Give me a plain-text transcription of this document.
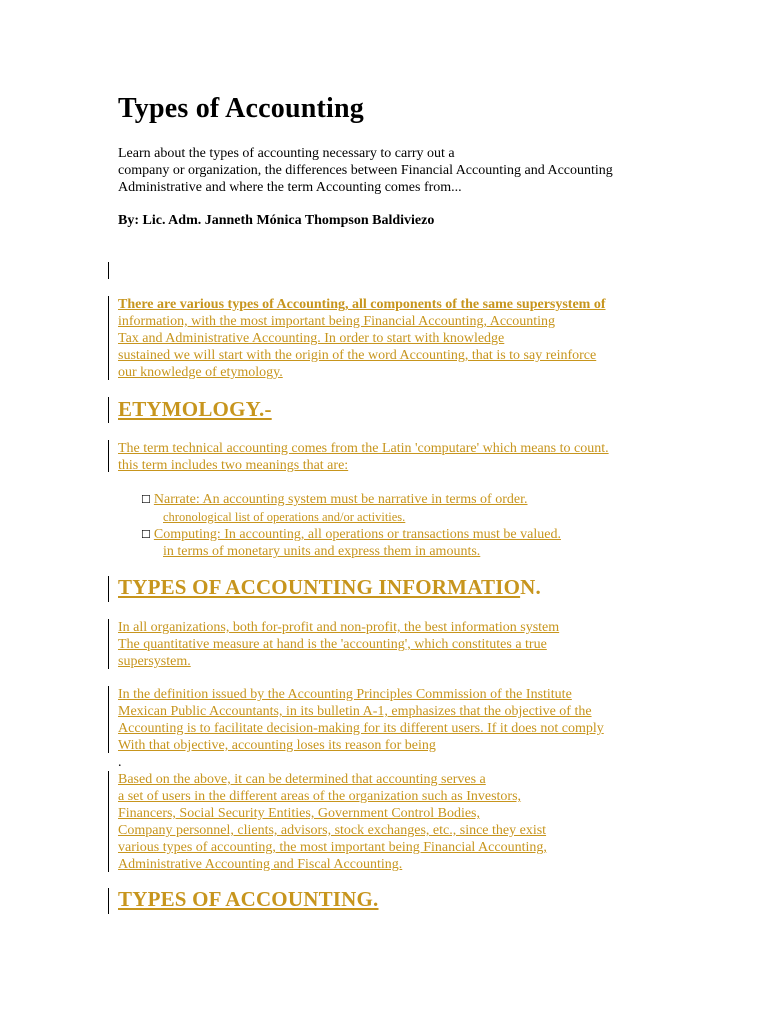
Types of Accounting

Learn about the types of accounting necessary to carry out a
company or organization, the differences between Financial Accounting and Accounting
Administrative and where the term Accounting comes from...

By: Lic. Adm. Janneth Mónica Thompson Baldiviezo

There are various types of Accounting, all components of the same supersystem of
information, with the most important being Financial Accounting, Accounting
Tax and Administrative Accounting. In order to start with knowledge
sustained we will start with the origin of the word Accounting, that is to say reinforce
our knowledge of etymology.

ETYMOLOGY.-

The term technical accounting comes from the Latin 'computare' which means to count.
this term includes two meanings that are:

☐ Narrate: An accounting system must be narrative in terms of order.

chronological list of operations and/or activities.

☐ Computing: In accounting, all operations or transactions must be valued.

in terms of monetary units and express them in amounts.

TYPES OF ACCOUNTING INFORMATION.

In all organizations, both for-profit and non-profit, the best information system
The quantitative measure at hand is the 'accounting', which constitutes a true
supersystem.

In the definition issued by the Accounting Principles Commission of the Institute
Mexican Public Accountants, in its bulletin A-1, emphasizes that the objective of the
Accounting is to facilitate decision-making for its different users. If it does not comply
With that objective, accounting loses its reason for being
.

Based on the above, it can be determined that accounting serves a
a set of users in the different areas of the organization such as Investors,
Financers, Social Security Entities, Government Control Bodies,
Company personnel, clients, advisors, stock exchanges, etc., since they exist
various types of accounting, the most important being Financial Accounting,
Administrative Accounting and Fiscal Accounting.

TYPES OF ACCOUNTING.
